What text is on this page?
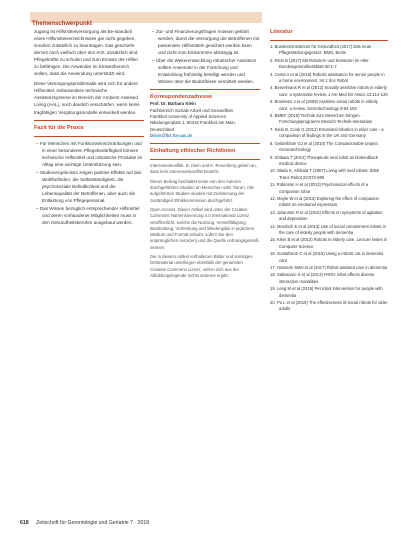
Themenschwerpunkt

zugang ist Hilfsmittelversorgung als Be-standteil eines Hilfsmittelverzeichnisses gar nicht gegeben, sondern zusätzlich zu beantragen. Das geschieht derzeit noch vielfach über den Arzt. Zusätzlich sind Pflegekräfte zu schulen und zum Einsatz der Hilfen zu befähigen. Die Anwender im Einsatzbereich wollen, dass die Anwendung unterstützt wird.

Diese Versorgungsproblematik wird sich für andere Hilfsmittel, insbesondere technische Assistenzsysteme im Bereich der Ambient Assisted Living (AAL), noch deutlich verschärfen, wenn keine tragfähigen Vergütungsmodelle entwickelt werden.

Fazit für die Praxis

– Für Menschen mit Funktionseinschränkungen und in einer besonderen Pflegebedürftigkeit können technische Hilfsmittel und robotische Produkte im Alltag eine wichtige Unterstützung sein.

– Studienergebnisse zeigen positive Effekte auf das Wohlbefinden, die Selbstständigkeit, die psychosoziale Befindlichkeit und die Lebensqualität der Betroffenen, aber auch die Entlastung von Pflegepersonal.

– Das Wissen bezüglich entsprechender Hilfsmittel und deren vorhandener Möglichkeiten muss in den Gesundheitsberufen ausgebaut werden.

– Zur- und Finanzierungsfragen müssen geklärt werden, damit die Versorgung der Betroffenen mit passenden Hilfsmitteln gesichert werden kann und nicht vom Einkommen abhängig ist.

– Über die Weiterentwicklung robotischer Assistenz sollten Anwender in der Forschung und Entwicklung frühzeitig beteiligt werden und Wissen über die Bedürfnisse vermittelt werden.

Korrespondenzadresse

Prof. Dr. Barbara Klein

Fachbereich Soziale Arbeit und Gesundheit,

Frankfurt University of Applied Sciences

Nibelungenplatz 1, 60318 Frankfurt am Main,

Deutschland

bklein@fb4.fra-uas.de

Einhaltung ethischer Richtlinien

Interessenkonflikt. B. Klein und K. Rosenberg geben an, dass kein Interessenkonflikt besteht.

Dieser Beitrag beinhaltet keine von den Autoren durchgeführten Studien an Menschen oder Tieren. Alle aufgeführten Studien wurden mit Zustimmung der zuständigen Ethikkommission durchgeführt.

Open Access. Dieser Artikel wird unter der Creative Commons Namensnennung 4.0 International Lizenz veröffentlicht, welche die Nutzung, Vervielfältigung, Bearbeitung, Verbreitung und Wiedergabe in jeglichem Medium und Format erlaubt, sofern Sie den ursprünglichen Autor(en) und die Quelle ordnungsgemäß nennen.

Die in diesem Artikel enthaltenen Bilder und sonstiges Drittmaterial unterliegen ebenfalls der genannten Creative Commons Lizenz, sofern sich aus der Abbildungslegende nichts anderes ergibt.

Literatur

1. Bundesministerium für Gesundheit (2017) Das neue Pflegestärkungsgesetz. BMG, Berlin

2. Klein B (2017) Mit Robotern und Sensoren im Alter. Bundesgesundheitsblatt 60:1-7

3. Cesta A et al (2016) Robotic assistance for senior people in a home environment. Int J Soc Robot

4. Bemelmans R et al (2012) Socially assistive robots in elderly care: a systematic review. J Am Med Dir Assoc 13:114-120

5. Broekens J et al (2009) Assistive social robots in elderly care: a review. Gerontechnology 8:94-103

6. BMBF (2015) Technik zum Menschen bringen. Forschungsprogramm Mensch-Technik-Interaktion

7. Klein B, Cook G (2012) Emotional robotics in elder care - a comparison of findings in the UK and Germany

8. Gelderblom GJ et al (2010) The Companionable project. Gerontechnology

9. Shibata T (2012) Therapeutic seal robot as biofeedback medical device

10. Wada K, Shibata T (2007) Living with seal robots. IEEE Trans Robot 23:972-980

11. Robinson H et al (2013) Psychosocial effects of a companion robot

12. Moyle W et al (2013) Exploring the effect of companion robots on emotional expression

13. Jøranson N et al (2015) Effects on symptoms of agitation and depression

14. Mordoch E et al (2013) Use of social commitment robots in the care of elderly people with dementia

15. Klein B et al (2013) Robots in elderly care. Lecture Notes in Computer Science

16. Gustafsson C et al (2015) Using a robotic cat in dementia care

17. Hosseini SMH et al (2017) Robot-assisted care in dementia

18. Sabanovic S et al (2013) PARO robot affects diverse interaction modalities

19. Leng M et al (2019) Pet robot intervention for people with dementia

20. Pu L et al (2019) The effectiveness of social robots for older adults

618 Zeitschrift für Gerontologie und Geriatrie 7 · 2018
